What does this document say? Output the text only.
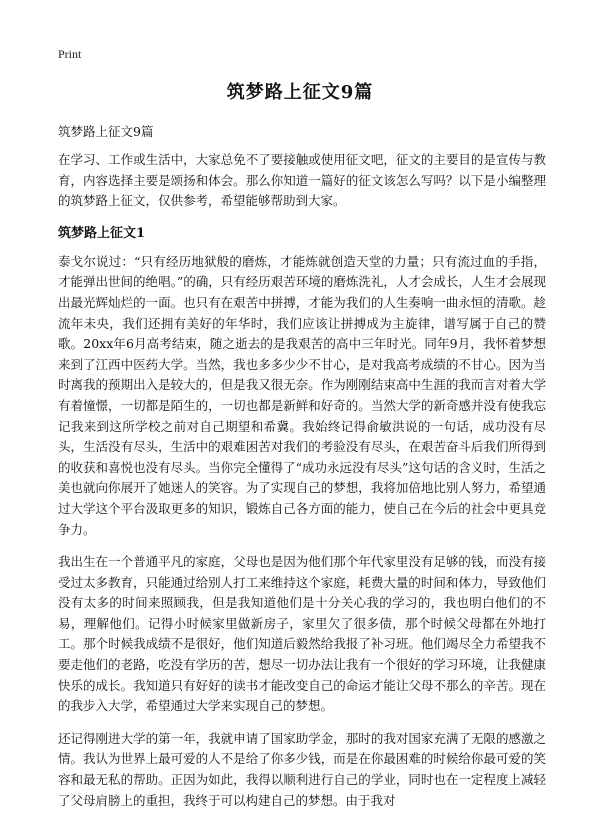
Print
筑梦路上征文9篇
筑梦路上征文9篇

在学习、工作或生活中，大家总免不了要接触或使用征文吧，征文的主要目的是宣传与教育，内容选择主要是颂扬和体会。那么你知道一篇好的征文该怎么写吗？以下是小编整理的筑梦路上征文，仅供参考，希望能够帮助到大家。

筑梦路上征文1

泰戈尔说过：“只有经历地狱般的磨炼，才能炼就创造天堂的力量；只有流过血的手指，才能弹出世间的绝唱。”的确，只有经历艰苦环境的磨炼洗礼，人才会成长，人生才会展现出最光辉灿烂的一面。也只有在艰苦中拼搏，才能为我们的人生奏响一曲永恒的清歌。趁流年未央，我们还拥有美好的年华时，我们应该让拼搏成为主旋律，谱写属于自己的赞歌。20xx年6月高考结束，随之逝去的是我艰苦的高中三年时光。同年9月，我怀着梦想来到了江西中医药大学。当然，我也多多少少不甘心，是对我高考成绩的不甘心。因为当时离我的预期出入是较大的，但是我又很无奈。作为刚刚结束高中生涯的我而言对着大学有着憧憬，一切都是陌生的，一切也都是新鲜和好奇的。当然大学的新奇感并没有使我忘记我来到这所学校之前对自己期望和希冀。我始终记得俞敏洪说的一句话，成功没有尽头，生活没有尽头，生活中的艰难困苦对我们的考验没有尽头，在艰苦奋斗后我们所得到的收获和喜悦也没有尽头。当你完全懂得了“成功永远没有尽头”这句话的含义时，生活之美也就向你展开了她迷人的笑容。为了实现自己的梦想，我将加倍地比别人努力，希望通过大学这个平台汲取更多的知识，锻炼自己各方面的能力，使自己在今后的社会中更具竞争力。

我出生在一个普通平凡的家庭，父母也是因为他们那个年代家里没有足够的钱，而没有接受过太多教育，只能通过给别人打工来维持这个家庭，耗费大量的时间和体力，导致他们没有太多的时间来照顾我，但是我知道他们是十分关心我的学习的，我也明白他们的不易，理解他们。记得小时候家里做新房子，家里欠了很多债，那个时候父母都在外地打工。那个时候我成绩不是很好，他们知道后毅然给我报了补习班。他们竭尽全力希望我不要走他们的老路，吃没有学历的苦，想尽一切办法让我有一个很好的学习环境，让我健康快乐的成长。我知道只有好好的读书才能改变自己的命运才能让父母不那么的辛苦。现在的我步入大学，希望通过大学来实现自己的梦想。

还记得刚进大学的第一年，我就申请了国家助学金，那时的我对国家充满了无限的感激之情。我认为世界上最可爱的人不是给了你多少钱，而是在你最困难的时候给你最可爱的笑容和最无私的帮助。正因为如此，我得以顺利进行自己的学业，同时也在一定程度上减轻了父母肩膀上的重担，我终于可以构建自己的梦想。由于我对
